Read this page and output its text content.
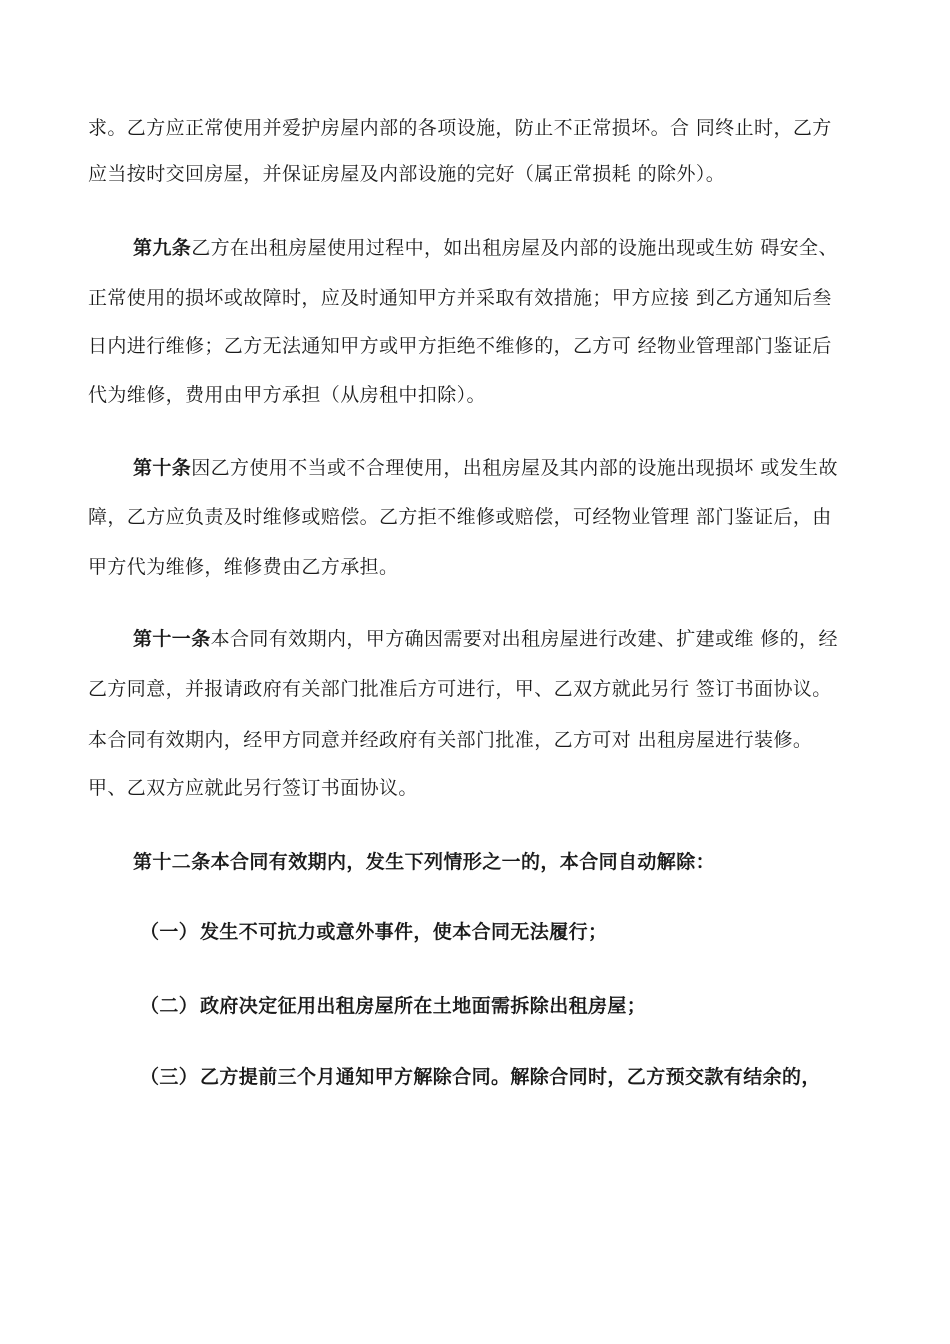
求。乙方应正常使用并爱护房屋内部的各项设施，防止不正常损坏。合 同终止时，乙方
应当按时交回房屋，并保证房屋及内部设施的完好（属正常损耗 的除外）。
第九条乙方在出租房屋使用过程中，如出租房屋及内部的设施出现或生妨 碍安全、
正常使用的损坏或故障时，应及时通知甲方并采取有效措施；甲方应接 到乙方通知后叁
日内进行维修；乙方无法通知甲方或甲方拒绝不维修的，乙方可 经物业管理部门鉴证后
代为维修，费用由甲方承担（从房租中扣除）。
第十条因乙方使用不当或不合理使用，出租房屋及其内部的设施出现损坏 或发生故
障，乙方应负责及时维修或赔偿。乙方拒不维修或赔偿，可经物业管理 部门鉴证后，由
甲方代为维修，维修费由乙方承担。
第十一条本合同有效期内，甲方确因需要对出租房屋进行改建、扩建或维 修的，经
乙方同意，并报请政府有关部门批准后方可进行，甲、乙双方就此另行 签订书面协议。
本合同有效期内，经甲方同意并经政府有关部门批准，乙方可对 出租房屋进行装修。
甲、乙双方应就此另行签订书面协议。
第十二条本合同有效期内，发生下列情形之一的，本合同自动解除：
（一）发生不可抗力或意外事件，使本合同无法履行；
（二）政府决定征用出租房屋所在土地面需拆除出租房屋；
（三）乙方提前三个月通知甲方解除合同。解除合同时，乙方预交款有结余的，
